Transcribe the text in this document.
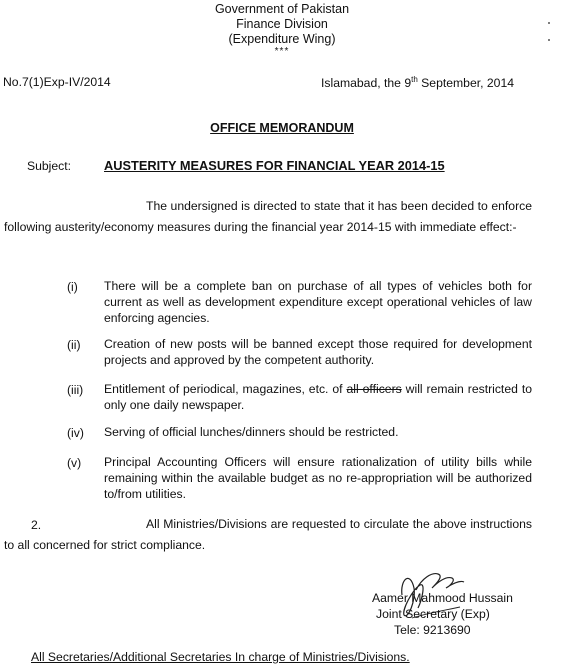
Government of Pakistan
Finance Division
(Expenditure Wing)
***
No.7(1)Exp-IV/2014	Islamabad, the 9th September, 2014
OFFICE MEMORANDUM
Subject:	AUSTERITY MEASURES FOR FINANCIAL YEAR 2014-15
The undersigned is directed to state that it has been decided to enforce following austerity/economy measures during the financial year 2014-15 with immediate effect:-
(i) There will be a complete ban on purchase of all types of vehicles both for current as well as development expenditure except operational vehicles of law enforcing agencies.
(ii) Creation of new posts will be banned except those required for development projects and approved by the competent authority.
(iii) Entitlement of periodical, magazines, etc. of all officers will remain restricted to only one daily newspaper.
(iv) Serving of official lunches/dinners should be restricted.
(v) Principal Accounting Officers will ensure rationalization of utility bills while remaining within the available budget as no re-appropriation will be authorized to/from utilities.
2.	All Ministries/Divisions are requested to circulate the above instructions to all concerned for strict compliance.
Aamer Mahmood Hussain
Joint Secretary (Exp)
Tele: 9213690
All Secretaries/Additional Secretaries In charge of Ministries/Divisions.
